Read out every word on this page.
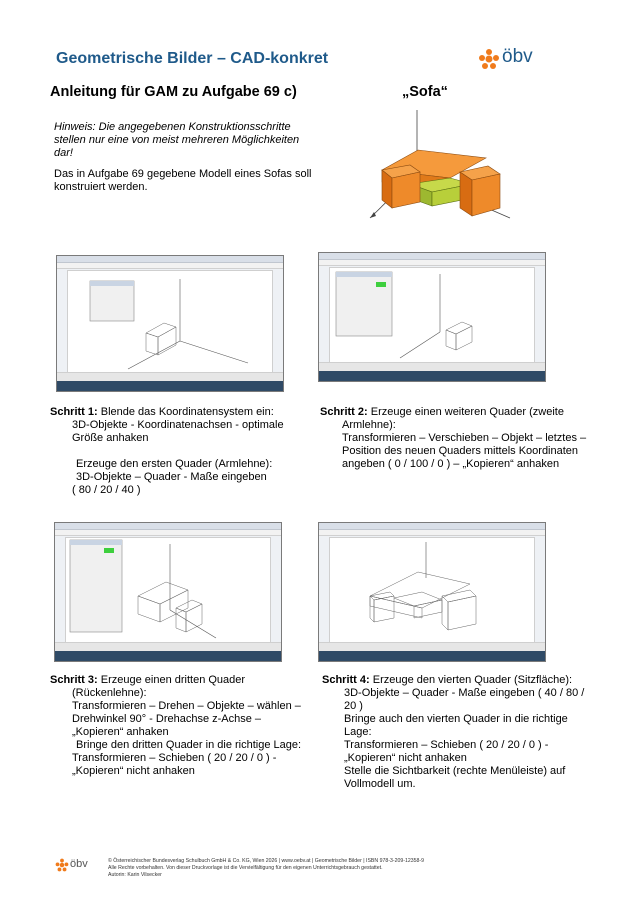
Geometrische Bilder – CAD-konkret	öbv
Anleitung für GAM zu Aufgabe 69 c)	„Sofa“
Hinweis: Die angegebenen Konstruktionsschritte
stellen nur eine von meist mehreren Möglichkeiten
dar!
Das in Aufgabe 69 gegebene Modell eines Sofas soll
konstruiert werden.
Schritt 1: Blende das Koordinatensystem ein:
3D-Objekte - Koordinatenachsen - optimale
Größe anhaken
Erzeuge den ersten Quader (Armlehne):
3D-Objekte – Quader - Maße eingeben
( 80 / 20 / 40 )
Schritt 2: Erzeuge einen weiteren Quader (zweite
Armlehne):
Transformieren – Verschieben – Objekt – letztes –
Position des neuen Quaders mittels Koordinaten
angeben ( 0 / 100 / 0 ) – „Kopieren“ anhaken
Schritt 3: Erzeuge einen dritten Quader
(Rückenlehne):
Transformieren – Drehen – Objekte – wählen –
Drehwinkel 90° - Drehachse z-Achse –
„Kopieren“ anhaken
Bringe den dritten Quader in die richtige Lage:
Transformieren – Schieben ( 20 / 20 / 0 ) -
„Kopieren“ nicht anhaken
Schritt 4: Erzeuge den vierten Quader (Sitzfläche):
3D-Objekte – Quader - Maße eingeben ( 40 / 80 /
20 )
Bringe auch den vierten Quader in die richtige
Lage:
Transformieren – Schieben ( 20 / 20 / 0 ) -
„Kopieren“ nicht anhaken
Stelle die Sichtbarkeit (rechte Menüleiste) auf
Vollmodell um.
öbv	© Österreichischer Bundesverlag Schulbuch GmbH & Co. KG, Wien 2026 | www.oebv.at | Geometrische Bilder | ISBN 978-3-209-12358-9
Alle Rechte vorbehalten. Von dieser Druckvorlage ist die Vervielfältigung für den eigenen Unterrichtsgebrauch gestattet.
Autorin: Karin Vilsecker
